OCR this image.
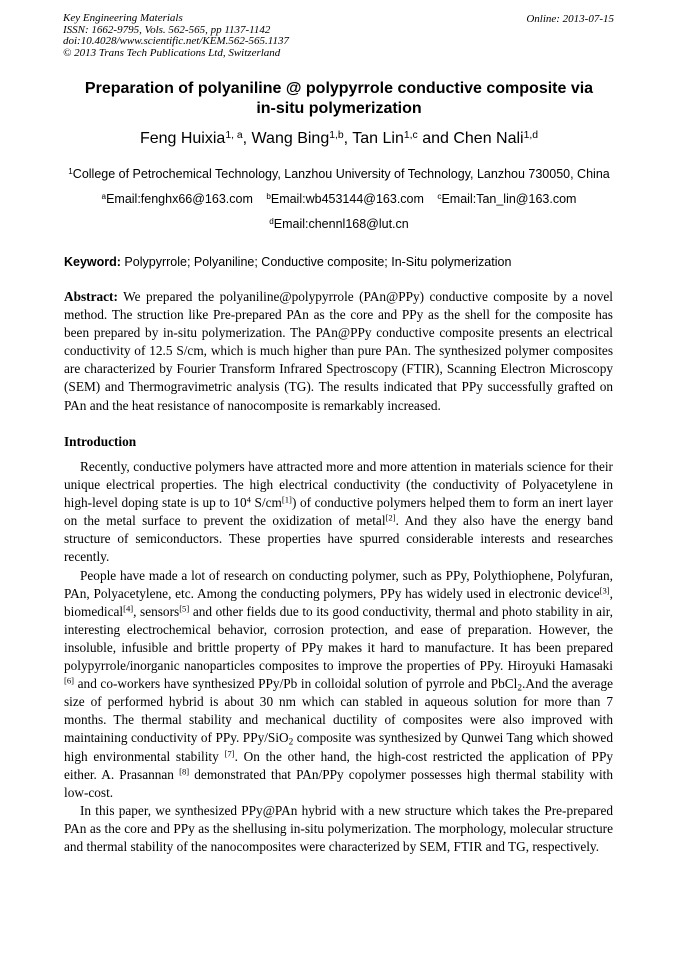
Key Engineering Materials
ISSN: 1662-9795, Vols. 562-565, pp 1137-1142
doi:10.4028/www.scientific.net/KEM.562-565.1137
© 2013 Trans Tech Publications Ltd, Switzerland
Online: 2013-07-15
Preparation of polyaniline @ polypyrrole conductive composite via
in-situ polymerization
Feng Huixia$^{1, a}$, Wang Bing$^{1,b}$, Tan Lin$^{1,c}$ and Chen Nali$^{1,d}$
$^1$College of Petrochemical Technology, Lanzhou University of Technology, Lanzhou 730050, China
$^a$Email:fenghx66@163.com $^b$Email:wb453144@163.com $^c$Email:Tan_lin@163.com
$^d$Email:chennl168@lut.cn
Keyword: Polypyrrole; Polyaniline; Conductive composite; In-Situ polymerization
Abstract: We prepared the polyaniline@polypyrrole (PAn@PPy) conductive composite by a novel method. The struction like Pre-prepared PAn as the core and PPy as the shell for the composite has been prepared by in-situ polymerization. The PAn@PPy conductive composite presents an electrical conductivity of 12.5 S/cm, which is much higher than pure PAn. The synthesized polymer composites are characterized by Fourier Transform Infrared Spectroscopy (FTIR), Scanning Electron Microscopy (SEM) and Thermogravimetric analysis (TG). The results indicated that PPy successfully grafted on PAn and the heat resistance of nanocomposite is remarkably increased.
Introduction

Recently, conductive polymers have attracted more and more attention in materials science for their unique electrical properties. The high electrical conductivity (the conductivity of Polyacetylene in high-level doping state is up to $10^4$ S/cm[1]) of conductive polymers helped them to form an inert layer on the metal surface to prevent the oxidization of metal[2]. And they also have the energy band structure of semiconductors. These properties have spurred considerable interests and researches recently.

People have made a lot of research on conducting polymer, such as PPy, Polythiophene, Polyfuran, PAn, Polyacetylene, etc. Among the conducting polymers, PPy has widely used in electronic device[3], biomedical[4], sensors[5] and other fields due to its good conductivity, thermal and photo stability in air, interesting electrochemical behavior, corrosion protection, and ease of preparation. However, the insoluble, infusible and brittle property of PPy makes it hard to manufacture. It has been prepared polypyrrole/inorganic nanoparticles composites to improve the properties of PPy. Hiroyuki Hamasaki [6] and co-workers have synthesized PPy/Pb in colloidal solution of pyrrole and PbCl$_2$.And the average size of performed hybrid is about 30 nm which can stabled in aqueous solution for more than 7 months. The thermal stability and mechanical ductility of composites were also improved with maintaining conductivity of PPy. PPy/SiO$_2$ composite was synthesized by Qunwei Tang which showed high environmental stability [7]. On the other hand, the high-cost restricted the application of PPy either. A. Prasannan [8] demonstrated that PAn/PPy copolymer possesses high thermal stability with low-cost.

In this paper, we synthesized PPy@PAn hybrid with a new structure which takes the Pre-prepared PAn as the core and PPy as the shellusing in-situ polymerization. The morphology, molecular structure and thermal stability of the nanocomposites were characterized by SEM, FTIR and TG, respectively.
